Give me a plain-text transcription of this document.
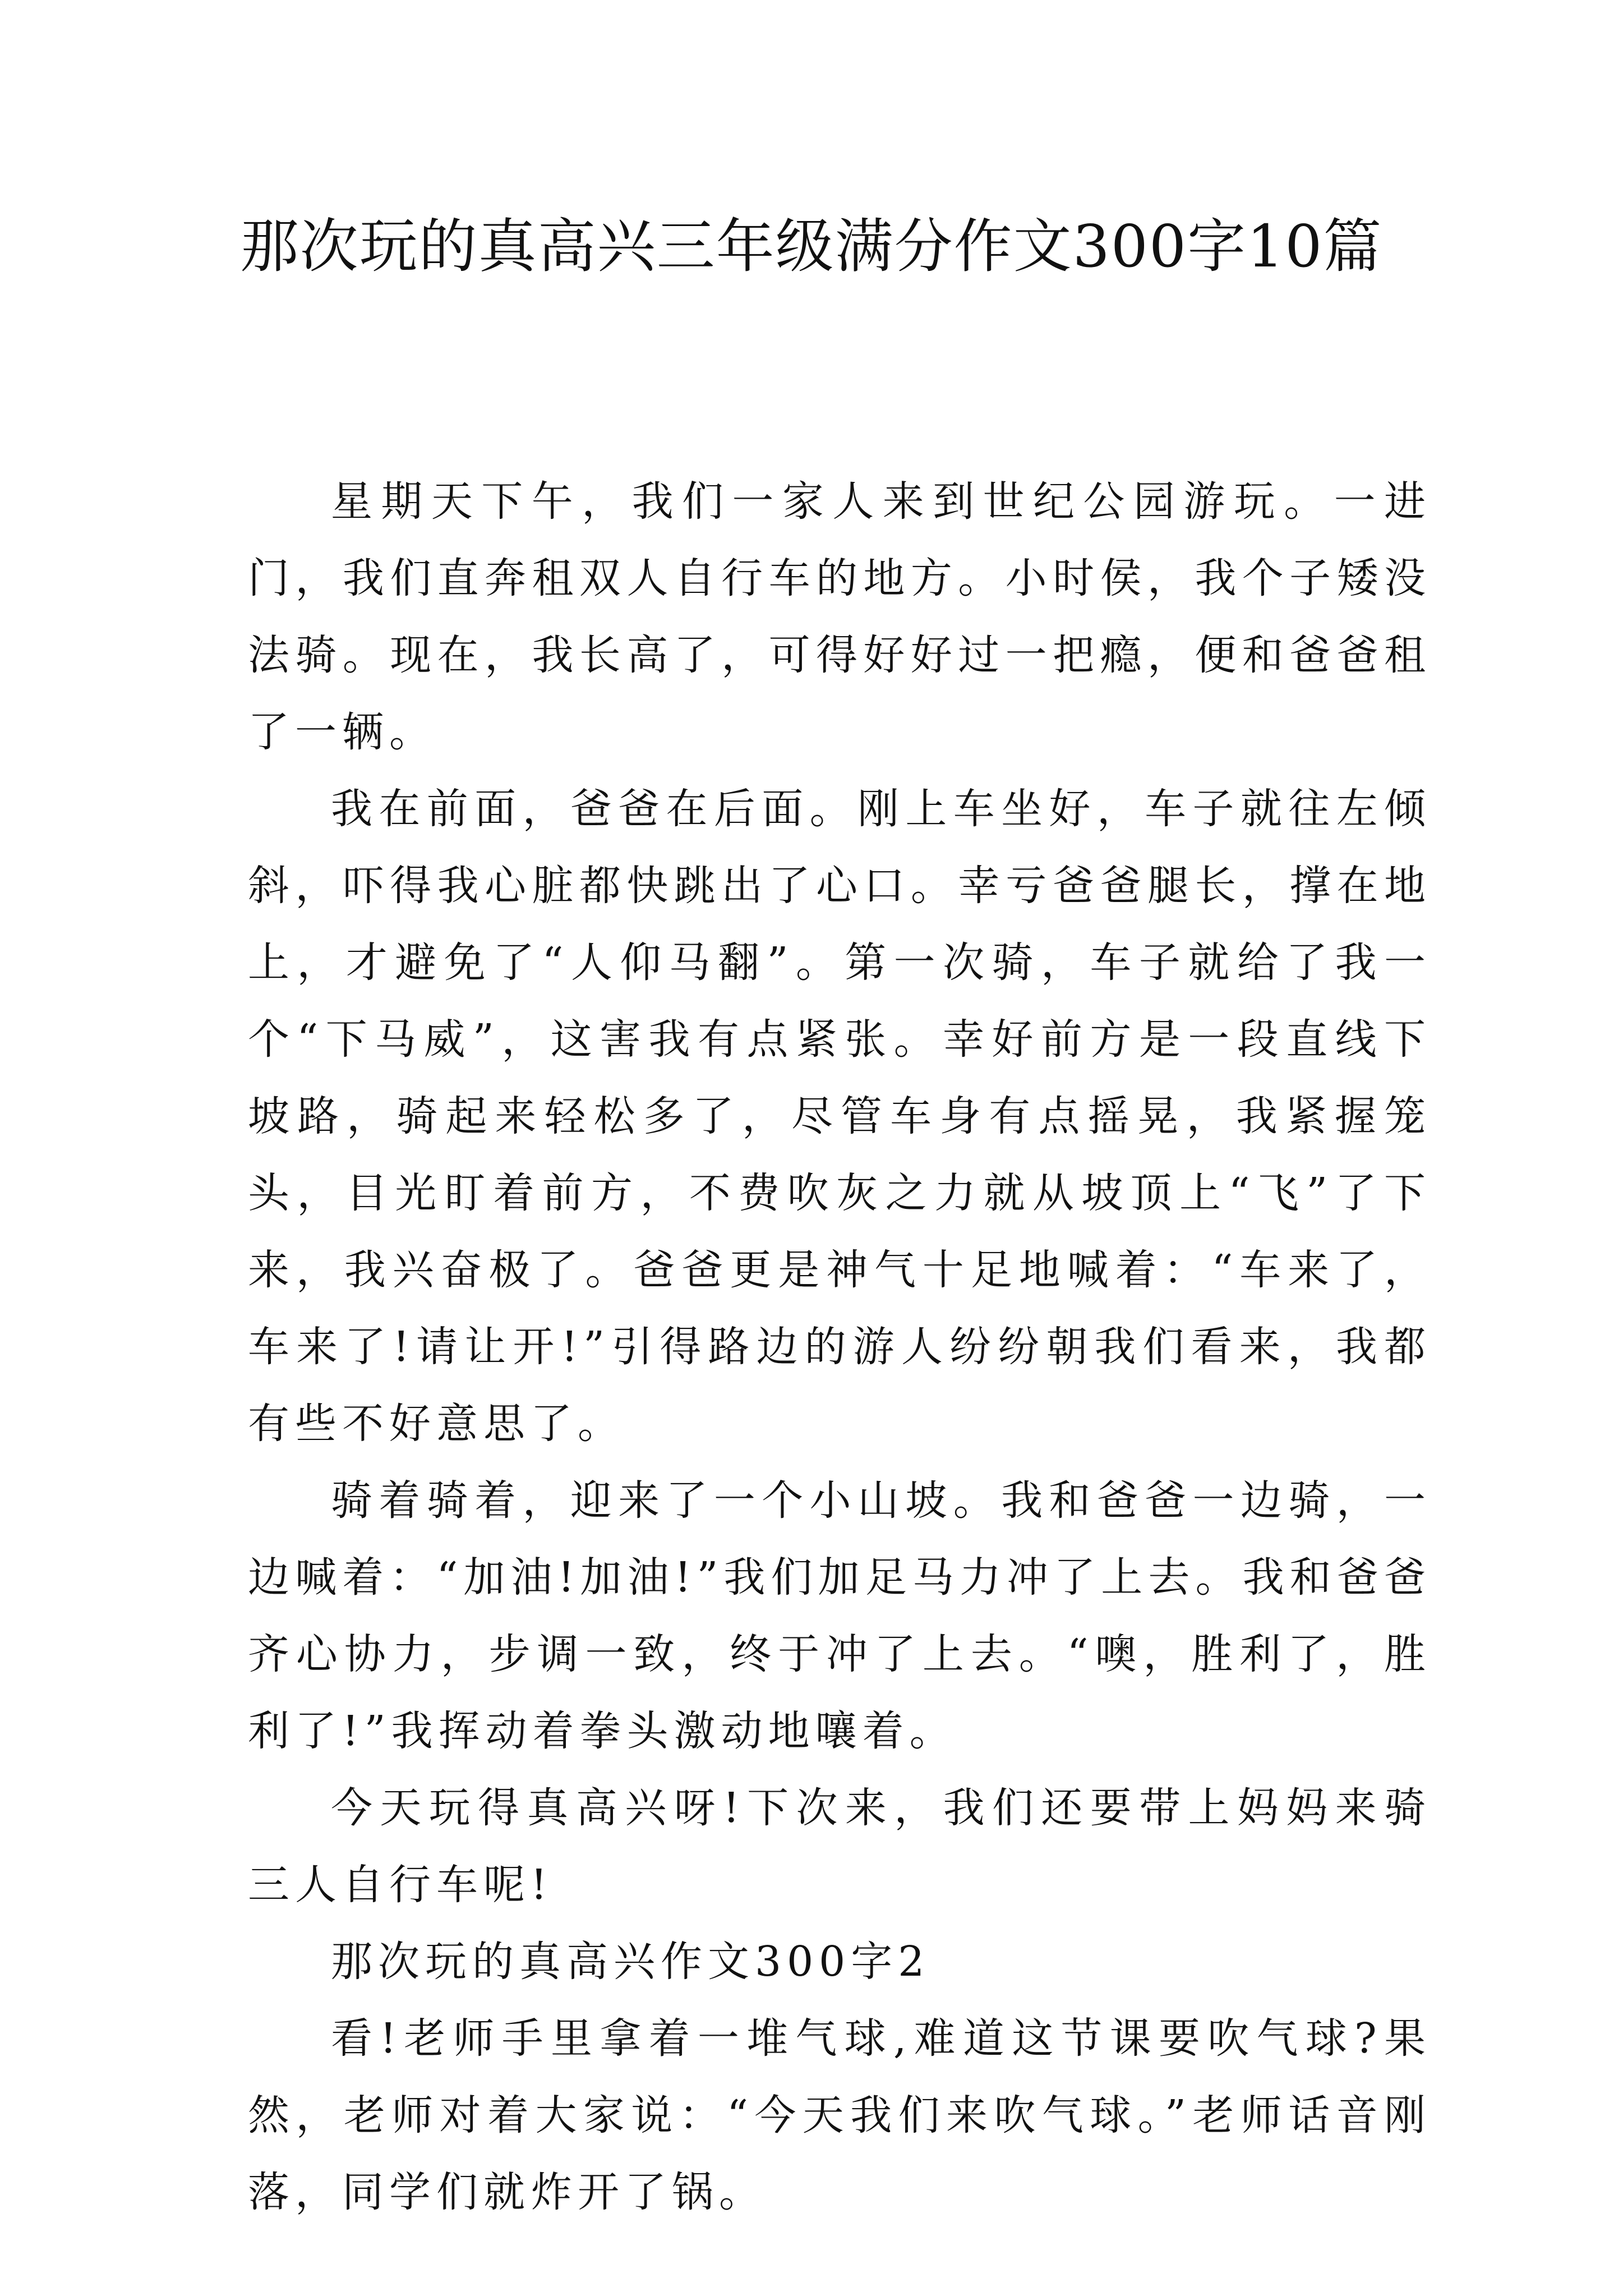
那次玩的真高兴三年级满分作文300字10篇

星期天下午，我们一家人来到世纪公园游玩。一进门，我们直奔租双人自行车的地方。小时侯，我个子矮没法骑。现在，我长高了，可得好好过一把瘾，便和爸爸租了一辆。

我在前面，爸爸在后面。刚上车坐好，车子就往左倾斜，吓得我心脏都快跳出了心口。幸亏爸爸腿长，撑在地上，才避免了“人仰马翻”。第一次骑，车子就给了我一个“下马威”，这害我有点紧张。幸好前方是一段直线下坡路，骑起来轻松多了，尽管车身有点摇晃，我紧握笼头，目光盯着前方，不费吹灰之力就从坡顶上“飞”了下来，我兴奋极了。爸爸更是神气十足地喊着：“车来了，车来了!请让开!”引得路边的游人纷纷朝我们看来，我都有些不好意思了。

骑着骑着，迎来了一个小山坡。我和爸爸一边骑，一边喊着：“加油!加油!”我们加足马力冲了上去。我和爸爸齐心协力，步调一致，终于冲了上去。“噢，胜利了，胜利了!”我挥动着拳头激动地嚷着。

今天玩得真高兴呀!下次来，我们还要带上妈妈来骑三人自行车呢!

那次玩的真高兴作文300字2

看!老师手里拿着一堆气球,难道这节课要吹气球?果然，老师对着大家说：“今天我们来吹气球。”老师话音刚落，同学们就炸开了锅。
